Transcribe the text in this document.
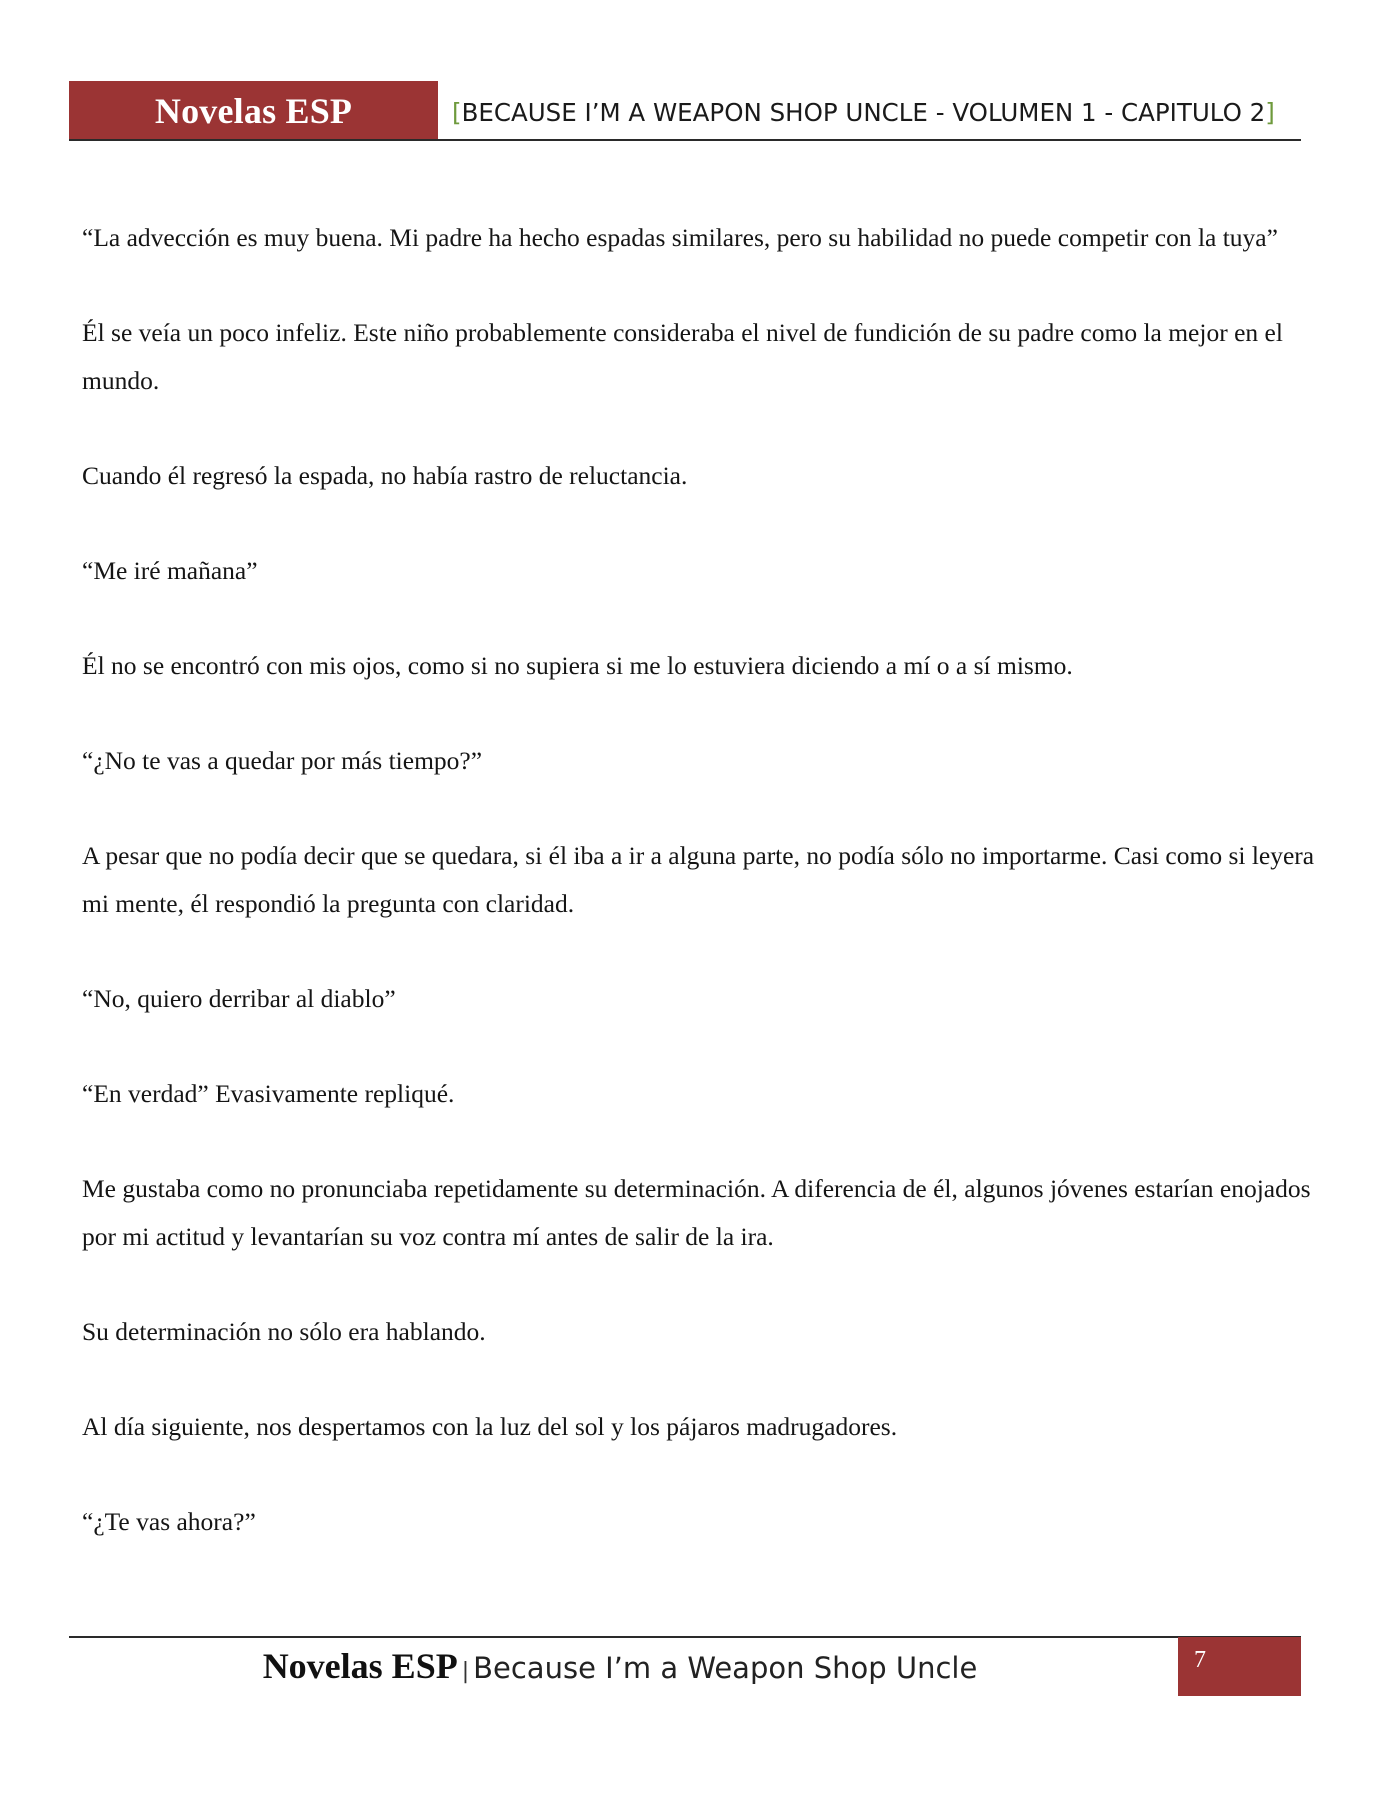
Novelas ESP	[BECAUSE I’M A WEAPON SHOP UNCLE - VOLUMEN 1 - CAPITULO 2]

“La advección es muy buena. Mi padre ha hecho espadas similares, pero su habilidad no puede competir con la tuya”

Él se veía un poco infeliz. Este niño probablemente consideraba el nivel de fundición de su padre como la mejor en el mundo.

Cuando él regresó la espada, no había rastro de reluctancia.

“Me iré mañana”

Él no se encontró con mis ojos, como si no supiera si me lo estuviera diciendo a mí o a sí mismo.

“¿No te vas a quedar por más tiempo?”

A pesar que no podía decir que se quedara, si él iba a ir a alguna parte, no podía sólo no importarme. Casi como si leyera mi mente, él respondió la pregunta con claridad.

“No, quiero derribar al diablo”

“En verdad” Evasivamente repliqué.

Me gustaba como no pronunciaba repetidamente su determinación. A diferencia de él, algunos jóvenes estarían enojados por mi actitud y levantarían su voz contra mí antes de salir de la ira.

Su determinación no sólo era hablando.

Al día siguiente, nos despertamos con la luz del sol y los pájaros madrugadores.

“¿Te vas ahora?”

Novelas ESP | Because I’m a Weapon Shop Uncle	7
